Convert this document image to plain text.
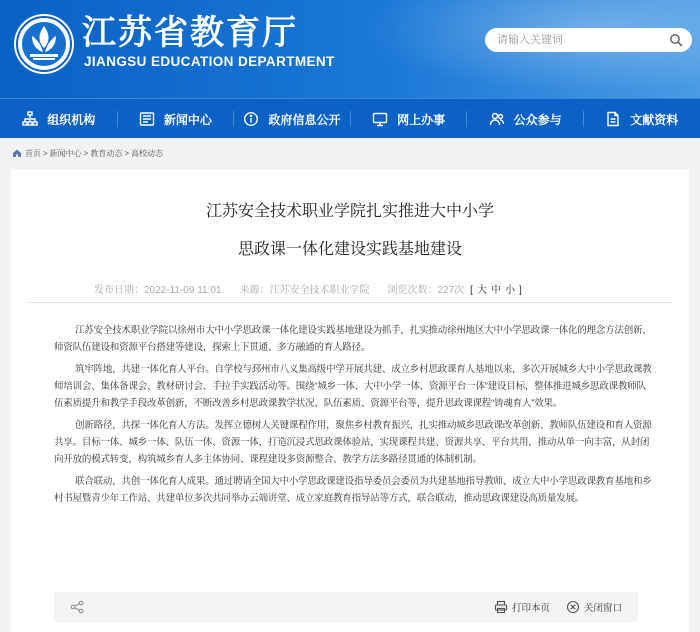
江苏省教育厅
JIANGSU EDUCATION DEPARTMENT
请输入关键词
组织机构	新闻中心	政府信息公开	网上办事	公众参与	文献资料
首页 > 新闻中心 > 教育动态 > 高校动态
江苏安全技术职业学院扎实推进大中小学
思政课一体化建设实践基地建设
发布日期：2022-11-09 11:01 来源：江苏安全技术职业学院 浏览次数：227次 [ 大 中 小 ]

江苏安全技术职业学院以徐州市大中小学思政课一体化建设实践基地建设为抓手，扎实推动徐州地区大中小学思政课一体化的理念方法创新、师资队伍建设和资源平台搭建等建设，探索上下贯通、多方融通的育人路径。

筑牢阵地，共建一体化育人平台。自学校与邳州市八义集高级中学开展共建、成立乡村思政课育人基地以来，多次开展城乡大中小学思政课教师培训会、集体备课会、教材研讨会、手拉手实践活动等。围绕“城乡一体、大中小学一体、资源平台一体”建设目标，整体推进城乡思政课教师队伍素质提升和教学手段改革创新，不断改善乡村思政课教学状况、队伍素质、资源平台等，提升思政课课程“铸魂育人”效果。

创新路径，共探一体化育人方法。发挥立德树人关键课程作用，聚焦乡村教育振兴，扎实推动城乡思政课改革创新、教师队伍建设和育人资源共享。目标一体、城乡一体、队伍一体、资源一体，打造沉浸式思政课体验站，实现课程共建、资源共享、平台共用，推动从单一向丰富，从封闭向开放的模式转变，构筑城乡育人多主体协同、课程建设多资源整合、教学方法多路径贯通的体制机制。

联合联动，共创一体化育人成果。通过聘请全国大中小学思政课建设指导委员会委员为共建基地指导教师、成立大中小学思政课教育基地和乡村书屋暨青少年工作站、共建单位多次共同举办云端讲堂、成立家庭教育指导站等方式，联合联动，推动思政课建设高质量发展。

打印本页	关闭窗口
